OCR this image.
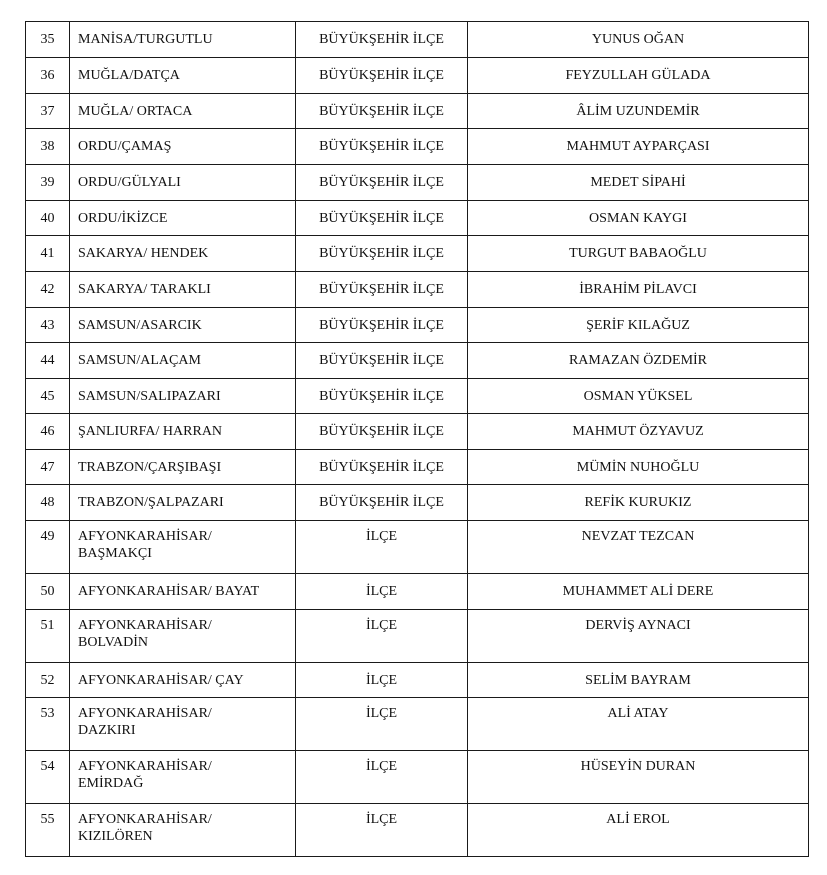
35	MANİSA/TURGUTLU	BÜYÜKŞEHİR İLÇE	YUNUS OĞAN

36	MUĞLA/DATÇA	BÜYÜKŞEHİR İLÇE	FEYZULLAH GÜLADA

37	MUĞLA/ ORTACA	BÜYÜKŞEHİR İLÇE	ÂLİM UZUNDEMİR

38	ORDU/ÇAMAŞ	BÜYÜKŞEHİR İLÇE	MAHMUT AYPARÇASI

39	ORDU/GÜLYALI	BÜYÜKŞEHİR İLÇE	MEDET SİPAHİ

40	ORDU/İKİZCE	BÜYÜKŞEHİR İLÇE	OSMAN KAYGI

41	SAKARYA/ HENDEK	BÜYÜKŞEHİR İLÇE	TURGUT BABAOĞLU

42	SAKARYA/ TARAKLI	BÜYÜKŞEHİR İLÇE	İBRAHİM PİLAVCI

43	SAMSUN/ASARCIK	BÜYÜKŞEHİR İLÇE	ŞERİF KILAĞUZ

44	SAMSUN/ALAÇAM	BÜYÜKŞEHİR İLÇE	RAMAZAN ÖZDEMİR

45	SAMSUN/SALIPAZARI	BÜYÜKŞEHİR İLÇE	OSMAN YÜKSEL

46	ŞANLIURFA/ HARRAN	BÜYÜKŞEHİR İLÇE	MAHMUT ÖZYAVUZ

47	TRABZON/ÇARŞIBAŞI	BÜYÜKŞEHİR İLÇE	MÜMİN NUHOĞLU

48	TRABZON/ŞALPAZARI	BÜYÜKŞEHİR İLÇE	REFİK KURUKIZ

49	AFYONKARAHİSAR/
BAŞMAKÇI	İLÇE	NEVZAT TEZCAN

50	AFYONKARAHİSAR/ BAYAT	İLÇE	MUHAMMET ALİ DERE

51	AFYONKARAHİSAR/
BOLVADİN	İLÇE	DERVİŞ AYNACI

52	AFYONKARAHİSAR/ ÇAY	İLÇE	SELİM BAYRAM

53	AFYONKARAHİSAR/
DAZKIRI	İLÇE	ALİ ATAY

54	AFYONKARAHİSAR/
EMİRDAĞ	İLÇE	HÜSEYİN DURAN

55	AFYONKARAHİSAR/
KIZILÖREN	İLÇE	ALİ EROL
